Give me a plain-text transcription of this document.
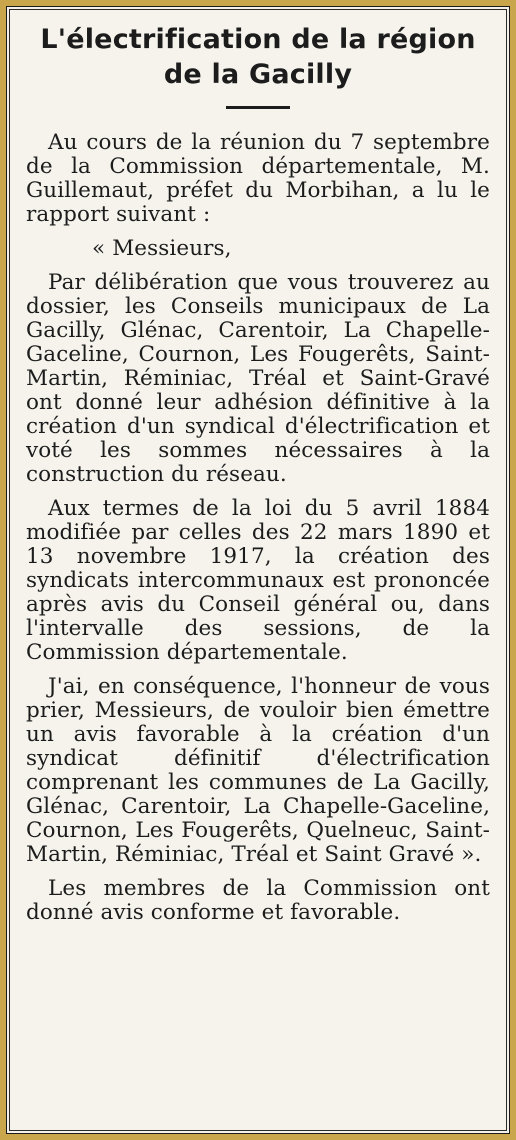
L'électrification de la région
de la Gacilly

Au cours de la réunion du 7 septembre de la Commission départementale, M. Guillemaut, préfet du Morbihan, a lu le rapport suivant :

« Messieurs,

Par délibération que vous trouverez au dossier, les Conseils municipaux de La Gacilly, Glénac, Carentoir, La Chapelle-Gaceline, Cournon, Les Fougerêts, Saint-Martin, Réminiac, Tréal et Saint-Gravé ont donné leur adhésion définitive à la création d'un syndical d'électrification et voté les sommes nécessaires à la construction du réseau.

Aux termes de la loi du 5 avril 1884 modifiée par celles des 22 mars 1890 et 13 novembre 1917, la création des syndicats intercommunaux est prononcée après avis du Conseil général ou, dans l'intervalle des sessions, de la Commission départementale.

J'ai, en conséquence, l'honneur de vous prier, Messieurs, de vouloir bien émettre un avis favorable à la création d'un syndicat définitif d'électrification comprenant les communes de La Gacilly, Glénac, Carentoir, La Chapelle-Gaceline, Cournon, Les Fougerêts, Quelneuc, Saint-Martin, Réminiac, Tréal et Saint Gravé ».

Les membres de la Commission ont donné avis conforme et favorable.
